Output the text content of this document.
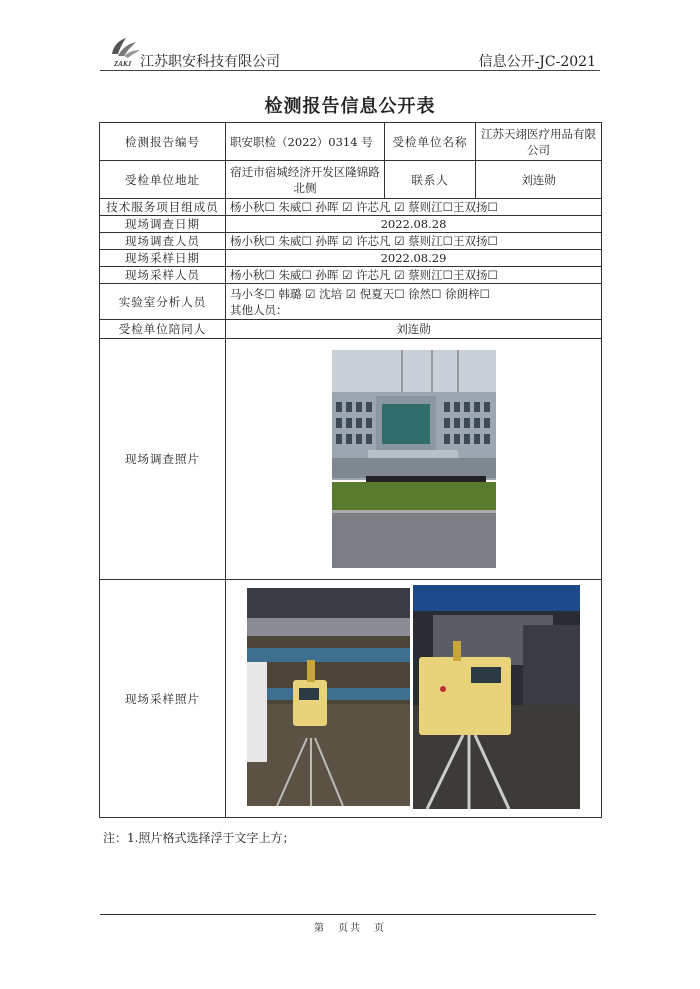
ZAKJ 江苏职安科技有限公司	信息公开-JC-2021
检测报告信息公开表
检测报告编号	职安职检（2022）0314 号	受检单位名称	江苏天翊医疗用品有限公司
受检单位地址	宿迁市宿城经济开发区隆锦路北侧	联系人	刘连勋
技术服务项目组成员	杨小秋☐ 朱威☐ 孙晖 ☑ 许芯凡 ☑ 蔡则江☐王双扬☐		
现场调查日期	2022.08.28		
现场调查人员	杨小秋☐ 朱威☐ 孙晖 ☑ 许芯凡 ☑ 蔡则江☐王双扬☐		
现场采样日期	2022.08.29		
现场采样人员	杨小秋☐ 朱威☐ 孙晖 ☑ 许芯凡 ☑ 蔡则江☐王双扬☐		
实验室分析人员	马小冬☐ 韩璐 ☑ 沈培 ☑ 倪夏天☐ 徐然☐ 徐朗梓☐
其他人员：		

受检单位陪同人	刘连勋		
现场调查照片	

现场采样照片	
注：1.照片格式选择浮于文字上方；
第　页共　页
